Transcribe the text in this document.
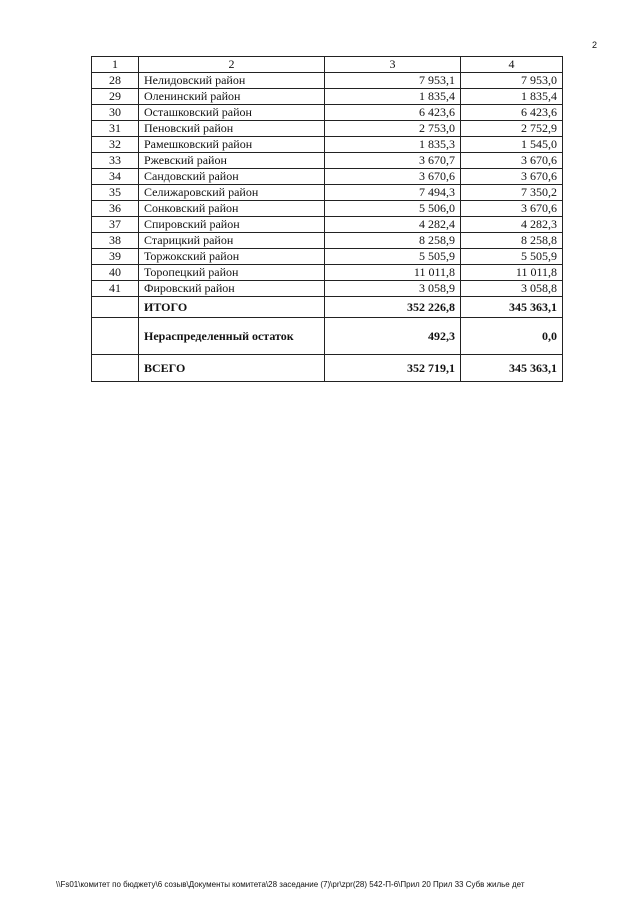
2
1	2	3	4
28	Нелидовский район	7 953,1	7 953,0
29	Оленинский район	1 835,4	1 835,4
30	Осташковский район	6 423,6	6 423,6
31	Пеновский район	2 753,0	2 752,9
32	Рамешковский район	1 835,3	1 545,0
33	Ржевский район	3 670,7	3 670,6
34	Сандовский район	3 670,6	3 670,6
35	Селижаровский район	7 494,3	7 350,2
36	Сонковский район	5 506,0	3 670,6
37	Спировский район	4 282,4	4 282,3
38	Старицкий район	8 258,9	8 258,8
39	Торжокский район	5 505,9	5 505,9
40	Торопецкий район	11 011,8	11 011,8
41	Фировский район	3 058,9	3 058,8
	ИТОГО	352 226,8	345 363,1
	Нераспределенный остаток	492,3	0,0
	ВСЕГО	352 719,1	345 363,1
\\Fs01\комитет по бюджету\6 созыв\Документы комитета\28 заседание (7)\pr\zpr(28) 542-П-6\Прил 20 Прил 33 Субв жилье дет
